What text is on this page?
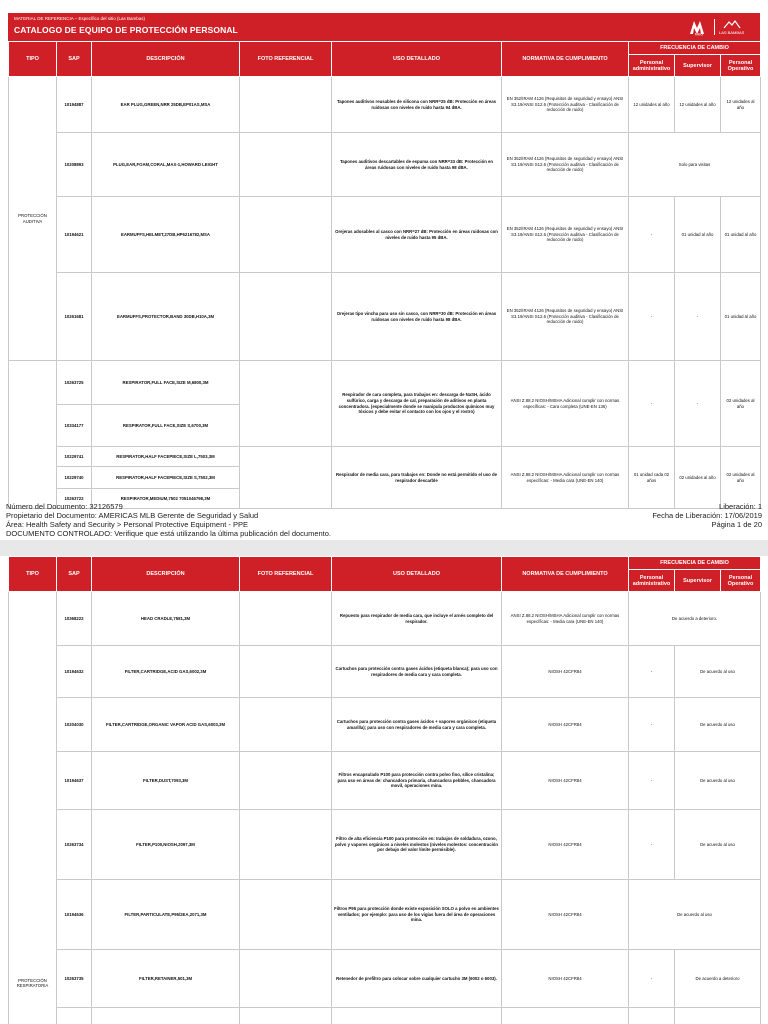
MATERIAL DE REFERENCIA – Específico del sitio (Las Bambas)
CATALOGO DE EQUIPO DE PROTECCIÓN PERSONAL	MMG	LAS BAMBAS
TIPO	SAP	DESCRIPCIÓN	FOTO REFERENCIAL	USO DETALLADO	NORMATIVA DE CUMPLIMIENTO	FRECUENCIA DE CAMBIO		
						Personal administrativo	Supervisor	Personal Operativo
PROTECCIÓN AUDITIVA	10194887	EAR PLUG,GREEN,NRR 25DB,EP01AS,MSA		Tapones auditivos reusables de silicona con NRR=25 dB: Protección en áreas ruidosas con niveles de ruido hasta 94 dBA.	EN 352/IRAM 4126 (Requisitos de seguridad y ensayo) ANSI S3.19/ANSI S12.6 (Protección auditiva - Clasificación de reducción de ruido)	12 unidades al año	12 unidades al año	12 unidades al año
	10208893	PLUG,EAR,FOAM,CORAL,MAX-1,HOWARD LEIGHT		Tapones auditivos descartables de espuma con NRR=33 dB: Protección en áreas ruidosas con niveles de ruido hasta 98 dBA.	EN 352/IRAM 4126 (Requisitos de seguridad y ensayo) ANSI S3.19/ANSI S12.6 (Protección auditiva - Clasificación de reducción de ruido)	Solo para visitas		
	10194621	EARMUFFS,HELMET,27DB,HP6216782,MSA		Orejeras adosables al casco con NRR=27 dB: Protección en áreas ruidosas con niveles de ruido hasta 95 dBA.	EN 352/IRAM 4126 (Requisitos de seguridad y ensayo) ANSI S3.19/ANSI S12.6 (Protección auditiva - Clasificación de reducción de ruido)	-	01 unidad al año	01 unidad al año
	10261681	EARMUFFS,PROTECTOR,BAND 30DB,H10A,3M		Orejeras tipo vincha para uso sin casco, con NRR=30 dB: Protección en áreas ruidosas con niveles de ruido hasta 98 dBA.	EN 352/IRAM 4126 (Requisitos de seguridad y ensayo) ANSI S3.19/ANSI S12.6 (Protección auditiva - Clasificación de reducción de ruido)	-	-	01 unidad al año
	10263725	RESPIRATOR,FULL FACE,SIZE M,6800,3M		Respirador de cara completa, para trabajos en: descarga de NaSH, ácido sulfúrico, carga y descarga de cal, preparación de aditivos en planta concentradora. (especialmente donde se manipula productos químicos muy tóxicos y debe evitar el contacto con los ojos y el rostro)	ANSI Z.88.2 NIOSH/MSHA Adicional cumplir con normas específicas: - Cara completa (UNE-EN 136)	-	-	02 unidades al año
	10334177	RESPIRATOR,FULL FACE,SIZE S,6700,3M						
	10229741	RESPIRATOR,HALF FACEPIECE,SIZE L,7503,3M		Respirador de media cara, para trabajos en: Donde no está permitido el uso de respirador descarble	ANSI Z.88.2 NIOSH/MSHA Adicional cumplir con normas específicas: - Media cara (UNE-EN 140)	01 unidad cada 02 años	02 unidades al año	02 unidades al año
	10229740	RESPIRATOR,HALF FACEPIECE,SIZE S,7502,3M						
	10263722	RESPIRATOR,MEDIUM,7502 7051046798,3M						
Número del Documento: 32126579	Liberación: 1
Propietario del Documento: AMERICAS MLB Gerente de Seguridad y Salud	Fecha de Liberación: 17/06/2019
Área: Health Safety and Security > Personal Protective Equipment - PPE	Página 1 de 20
DOCUMENTO CONTROLADO: Verifique que está utilizando la última publicación del documento.
TIPO	SAP	DESCRIPCIÓN	FOTO REFERENCIAL	USO DETALLADO	NORMATIVA DE CUMPLIMIENTO	FRECUENCIA DE CAMBIO		
						Personal administrativo	Supervisor	Personal Operativo
PROTECCIÓN RESPIRATORIA	10368222	HEAD CRADLE,7581,3M		Repuesto para respirador de media cara, que incluye el arnés completo del respirador.	ANSI Z.88.2 NIOSH/MSHA Adicional cumplir con normas específicas: - Media cara (UNE-EN 140)	De acuerdo a deterioro.		
	10194632	FILTER,CARTRIDGE,ACID GAS,6002,3M		Cartuchos para protección contra gases ácidos (etiqueta blanca); para uso con respiradores de media cara y cara completa.	NIOSH 42CFR84	-	De acuerdo al uso	
	10204030	FILTER,CARTRIDGE,ORGANIC VAPOR ACID GAS,6003,3M		Cartuchos para protección contra gases ácidos + vapores orgánicos (etiqueta amarilla); para uso con respiradores de media cara y cara completa.	NIOSH 42CFR84	-	De acuerdo al uso	
	10194637	FILTER,DUST,7093,3M		Filtros encapsulado P100 para protección contra polvo fino, sílice cristalina; para uso en áreas de: chancadora primaria, chancadora pebbles, chancadora movil, operaciones mina.	NIOSH 42CFR84	-	De acuerdo al uso	
	10263734	FILTER,P100,NIOSH,2097,3M		Filtro de alta eficiencia P100 para protección en: trabajos de soldadura, ozono, polvo y vapores orgánicos a niveles molestos (niveles molestos: concentración por debajo del valor límite permisible).	NIOSH 42CFR84	-	De acuerdo al uso	
	10194636	FILTER,PARTICULATE,P95/2EA,2071,3M		Filtros P95 para protección donde existe exposición SOLO a polvo en ambientes ventilados; por ejemplo: para uso de los vigías fuera del área de operaciones mina.	NIOSH 42CFR84	De acuerdo al uso		
	10263735	FILTER,RETAINER,501,3M		Retenedor de prefiltro para colocar sobre cualquier cartucho 3M (6002 o 6003).	NIOSH 42CFR84	-	De acuerdo a deterioro	
